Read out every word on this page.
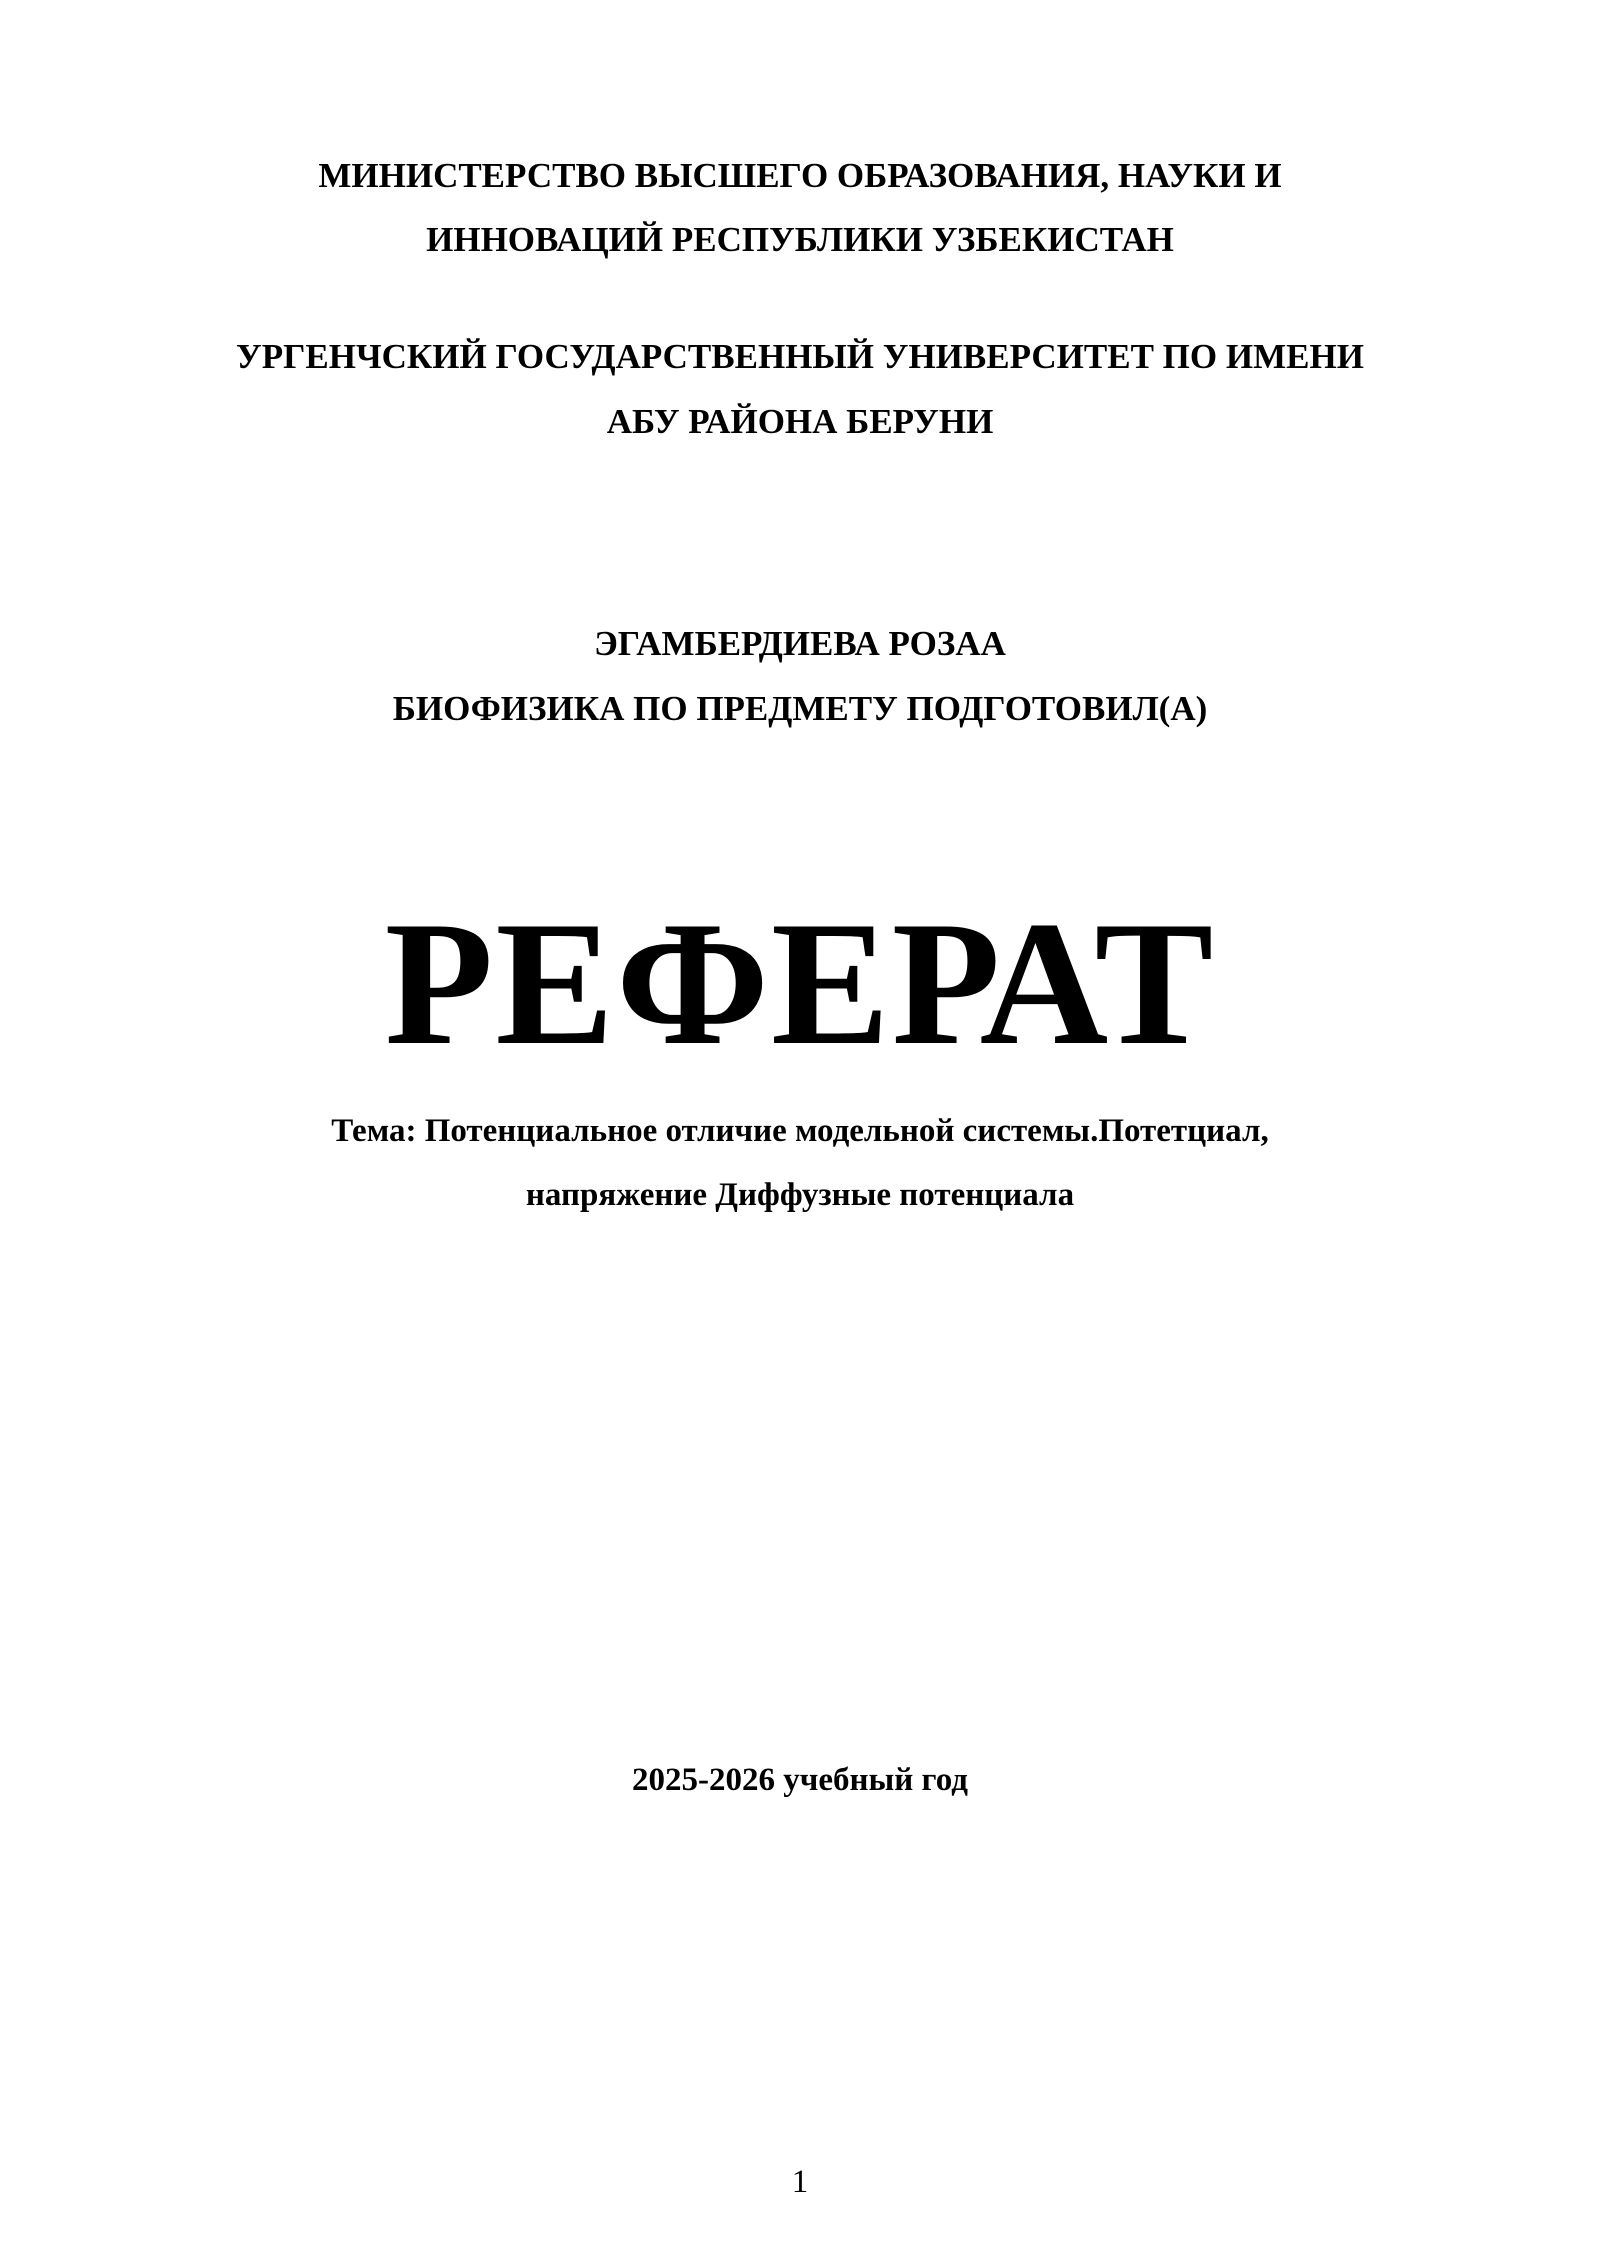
МИНИСТЕРСТВО ВЫСШЕГО ОБРАЗОВАНИЯ, НАУКИ И
ИННОВАЦИЙ РЕСПУБЛИКИ УЗБЕКИСТАН
УРГЕНЧСКИЙ ГОСУДАРСТВЕННЫЙ УНИВЕРСИТЕТ ПО ИМЕНИ
АБУ РАЙОНА БЕРУНИ
ЭГАМБЕРДИЕВА РОЗАА
БИОФИЗИКА ПО ПРЕДМЕТУ ПОДГОТОВИЛ(А)
РЕФЕРАТ
Тема: Потенциальное отличие модельной системы.Потетциал,
напряжение Диффузные потенциала
2025-2026 учебный год
1
